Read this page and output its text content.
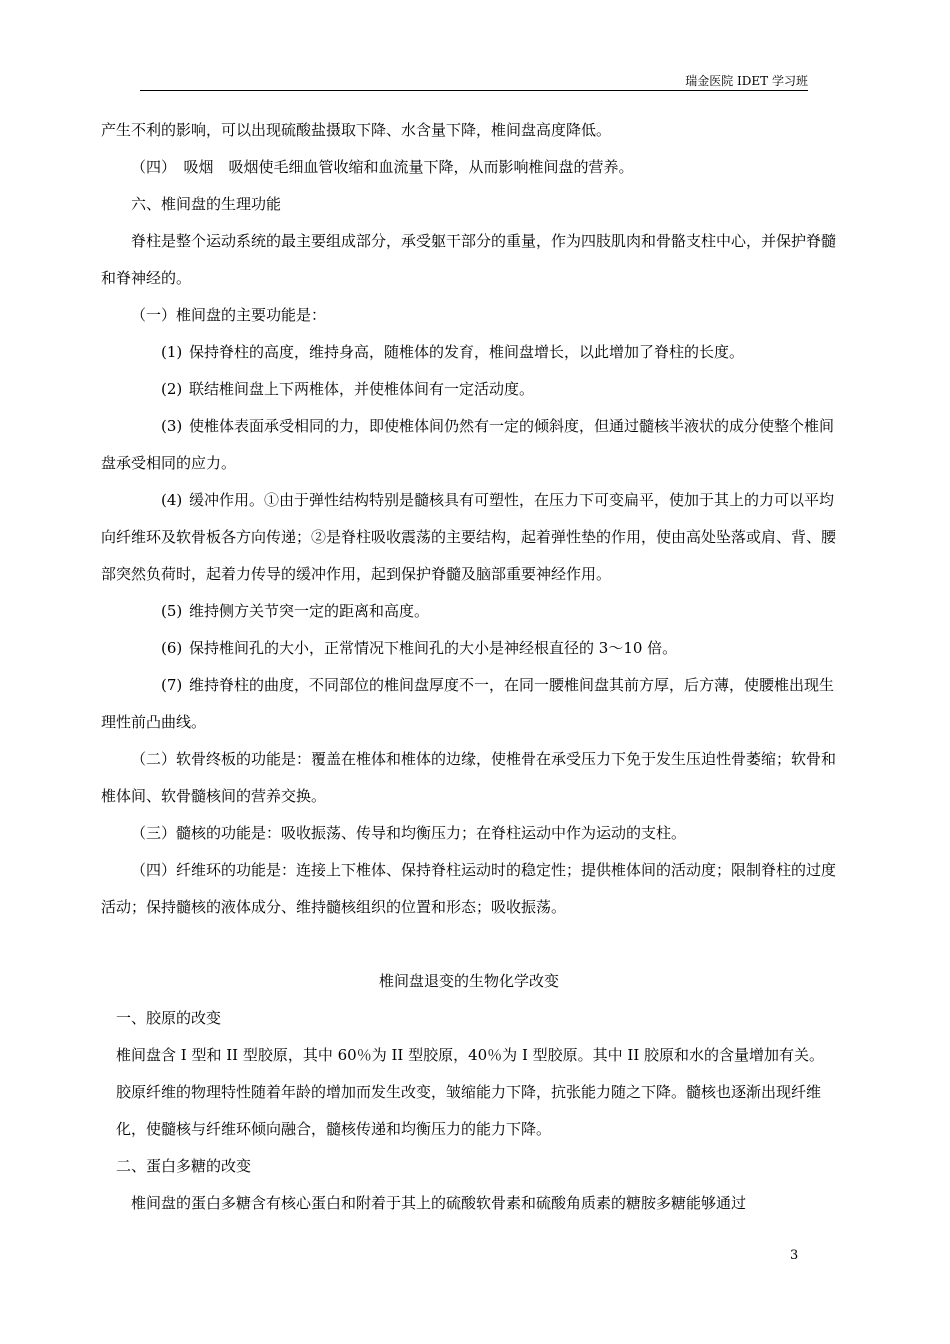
瑞金医院 IDET 学习班

产生不利的影响，可以出现硫酸盐摄取下降、水含量下降，椎间盘高度降低。

（四）　吸烟　吸烟使毛细血管收缩和血流量下降，从而影响椎间盘的营养。

六、椎间盘的生理功能

脊柱是整个运动系统的最主要组成部分，承受躯干部分的重量，作为四肢肌肉和骨骼支柱中心，并保护脊髓和脊神经的。

（一）椎间盘的主要功能是：

(1) 保持脊柱的高度，维持身高，随椎体的发育，椎间盘增长，以此增加了脊柱的长度。

(2) 联结椎间盘上下两椎体，并使椎体间有一定活动度。

(3) 使椎体表面承受相同的力，即使椎体间仍然有一定的倾斜度，但通过髓核半液状的成分使整个椎间盘承受相同的应力。

(4) 缓冲作用。①由于弹性结构特别是髓核具有可塑性，在压力下可变扁平，使加于其上的力可以平均向纤维环及软骨板各方向传递；②是脊柱吸收震荡的主要结构，起着弹性垫的作用，使由高处坠落或肩、背、腰部突然负荷时，起着力传导的缓冲作用，起到保护脊髓及脑部重要神经作用。

(5) 维持侧方关节突一定的距离和高度。

(6) 保持椎间孔的大小，正常情况下椎间孔的大小是神经根直径的 3～10 倍。

(7) 维持脊柱的曲度，不同部位的椎间盘厚度不一，在同一腰椎间盘其前方厚，后方薄，使腰椎出现生理性前凸曲线。

（二）软骨终板的功能是：覆盖在椎体和椎体的边缘，使椎骨在承受压力下免于发生压迫性骨萎缩；软骨和椎体间、软骨髓核间的营养交换。

（三）髓核的功能是：吸收振荡、传导和均衡压力；在脊柱运动中作为运动的支柱。

（四）纤维环的功能是：连接上下椎体、保持脊柱运动时的稳定性；提供椎体间的活动度；限制脊柱的过度活动；保持髓核的液体成分、维持髓核组织的位置和形态；吸收振荡。

椎间盘退变的生物化学改变

一、胶原的改变

椎间盘含 I 型和 II 型胶原，其中 60％为 II 型胶原，40％为 I 型胶原。其中 II 胶原和水的含量增加有关。胶原纤维的物理特性随着年龄的增加而发生改变，皱缩能力下降，抗张能力随之下降。髓核也逐渐出现纤维化，使髓核与纤维环倾向融合，髓核传递和均衡压力的能力下降。

二、蛋白多糖的改变

椎间盘的蛋白多糖含有核心蛋白和附着于其上的硫酸软骨素和硫酸角质素的糖胺多糖能够通过

3
